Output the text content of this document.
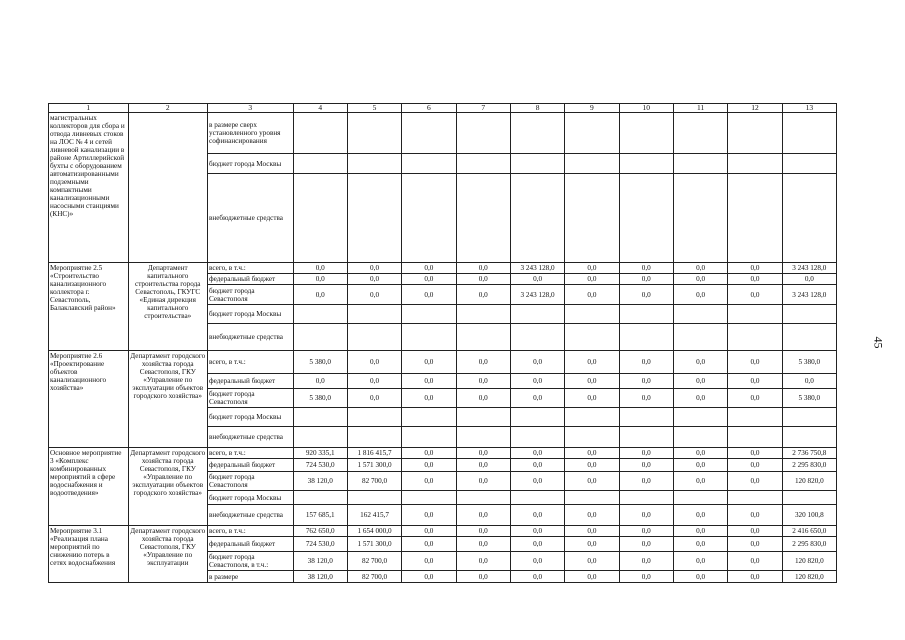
45
1	2	3	4	5	6	7	8	9	10	11	12	13
магистральных коллекторов для сбора и отвода ливневых стоков на ЛОС № 4 и сетей ливневой канализации в районе Артиллерийской бухты с оборудованием автоматизированными подземными компактными канализационными насосными станциями (КНС)»		в размере сверх установленного уровня софинансирования										
		бюджет города Москвы										
		внебюджетные средства										
Мероприятие 2.5 «Строительство канализационного коллектора г. Севастополь, Балаклавский район»	Департамент капитального строительства города Севастополь, ГКУГС «Единая дирекция капитального строительства»	всего, в т.ч.:	0,0	0,0	0,0	0,0	3 243 128,0	0,0	0,0	0,0	0,0	3 243 128,0
		федеральный бюджет	0,0	0,0	0,0	0,0	0,0	0,0	0,0	0,0	0,0	0,0
		бюджет города Севастополя	0,0	0,0	0,0	0,0	3 243 128,0	0,0	0,0	0,0	0,0	3 243 128,0
		бюджет города Москвы										
		внебюджетные средства										
Мероприятие 2.6 «Проектирование объектов канализационного хозяйства»	Департамент городского хозяйства города Севастополя, ГКУ «Управление по эксплуатации объектов городского хозяйства»	всего, в т.ч.:	5 380,0	0,0	0,0	0,0	0,0	0,0	0,0	0,0	0,0	5 380,0
		федеральный бюджет	0,0	0,0	0,0	0,0	0,0	0,0	0,0	0,0	0,0	0,0
		бюджет города Севастополя	5 380,0	0,0	0,0	0,0	0,0	0,0	0,0	0,0	0,0	5 380,0
		бюджет города Москвы										
		внебюджетные средства										
Основное мероприятие 3 «Комплекс комбинированных мероприятий в сфере водоснабжения и водоотведения»	Департамент городского хозяйства города Севастополя, ГКУ «Управление по эксплуатации объектов городского хозяйства»	всего, в т.ч.:	920 335,1	1 816 415,7	0,0	0,0	0,0	0,0	0,0	0,0	0,0	2 736 750,8
		федеральный бюджет	724 530,0	1 571 300,0	0,0	0,0	0,0	0,0	0,0	0,0	0,0	2 295 830,0
		бюджет города Севастополя	38 120,0	82 700,0	0,0	0,0	0,0	0,0	0,0	0,0	0,0	120 820,0
		бюджет города Москвы										
		внебюджетные средства	157 685,1	162 415,7	0,0	0,0	0,0	0,0	0,0	0,0	0,0	320 100,8
Мероприятие 3.1 «Реализация плана мероприятий по снижению потерь в сетях водоснабжения	Департамент городского хозяйства города Севастополя, ГКУ «Управление по эксплуатации	всего, в т.ч.:	762 650,0	1 654 000,0	0,0	0,0	0,0	0,0	0,0	0,0	0,0	2 416 650,0
		федеральный бюджет	724 530,0	1 571 300,0	0,0	0,0	0,0	0,0	0,0	0,0	0,0	2 295 830,0
		бюджет города Севастополя, в т.ч.:	38 120,0	82 700,0	0,0	0,0	0,0	0,0	0,0	0,0	0,0	120 820,0
		в размере	38 120,0	82 700,0	0,0	0,0	0,0	0,0	0,0	0,0	0,0	120 820,0
